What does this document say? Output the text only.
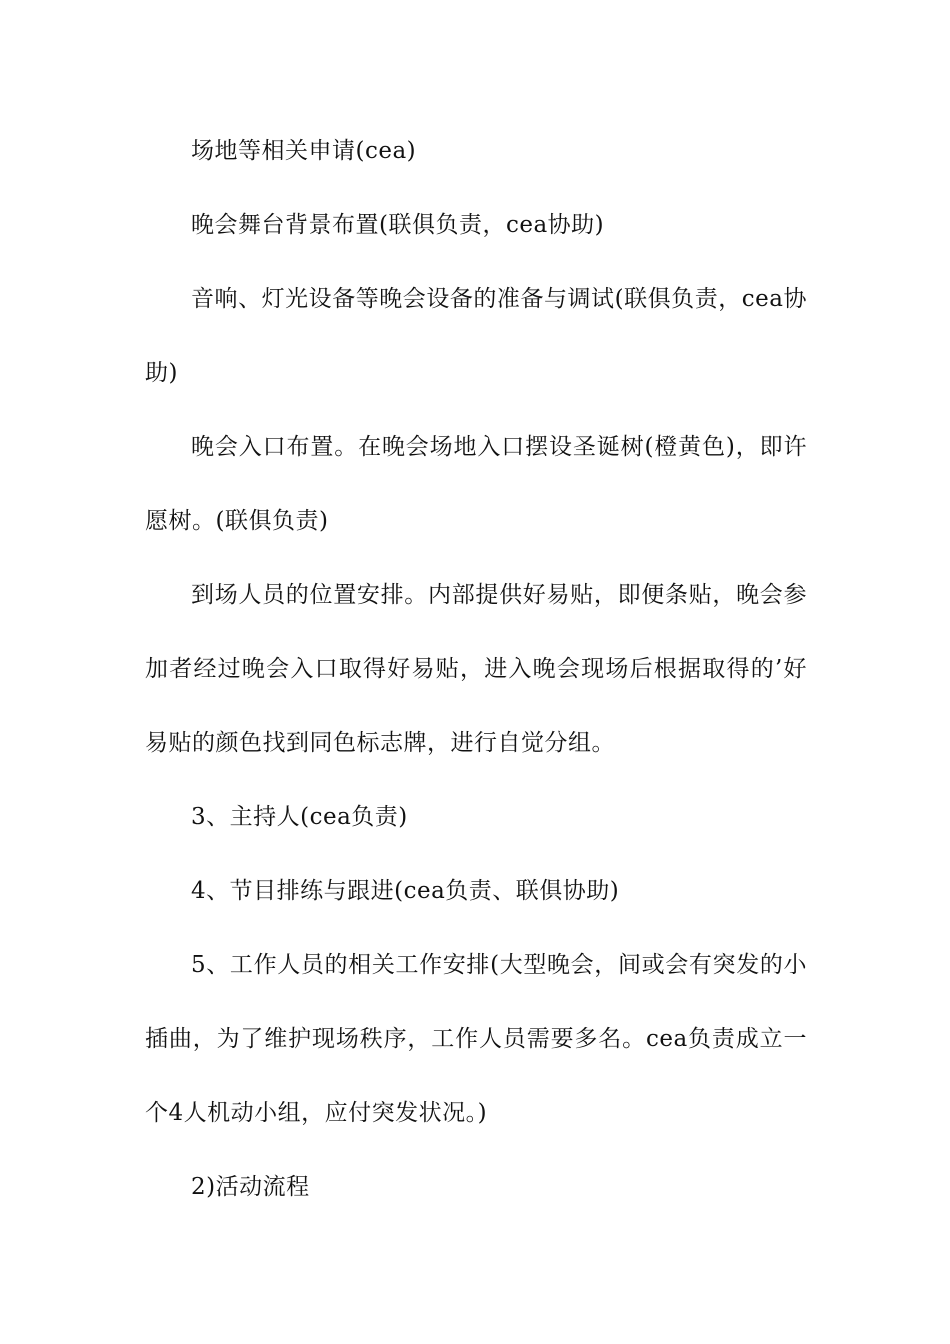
场地等相关申请(cea)

晚会舞台背景布置(联俱负责，cea协助)

音响、灯光设备等晚会设备的准备与调试(联俱负责，cea协助)

晚会入口布置。在晚会场地入口摆设圣诞树(橙黄色)，即许愿树。(联俱负责)

到场人员的位置安排。内部提供好易贴，即便条贴，晚会参加者经过晚会入口取得好易贴，进入晚会现场后根据取得的’好易贴的颜色找到同色标志牌，进行自觉分组。

3、主持人(cea负责)

4、节目排练与跟进(cea负责、联俱协助)

5、工作人员的相关工作安排(大型晚会，间或会有突发的小插曲，为了维护现场秩序，工作人员需要多名。cea负责成立一个4人机动小组，应付突发状况。)

2)活动流程
